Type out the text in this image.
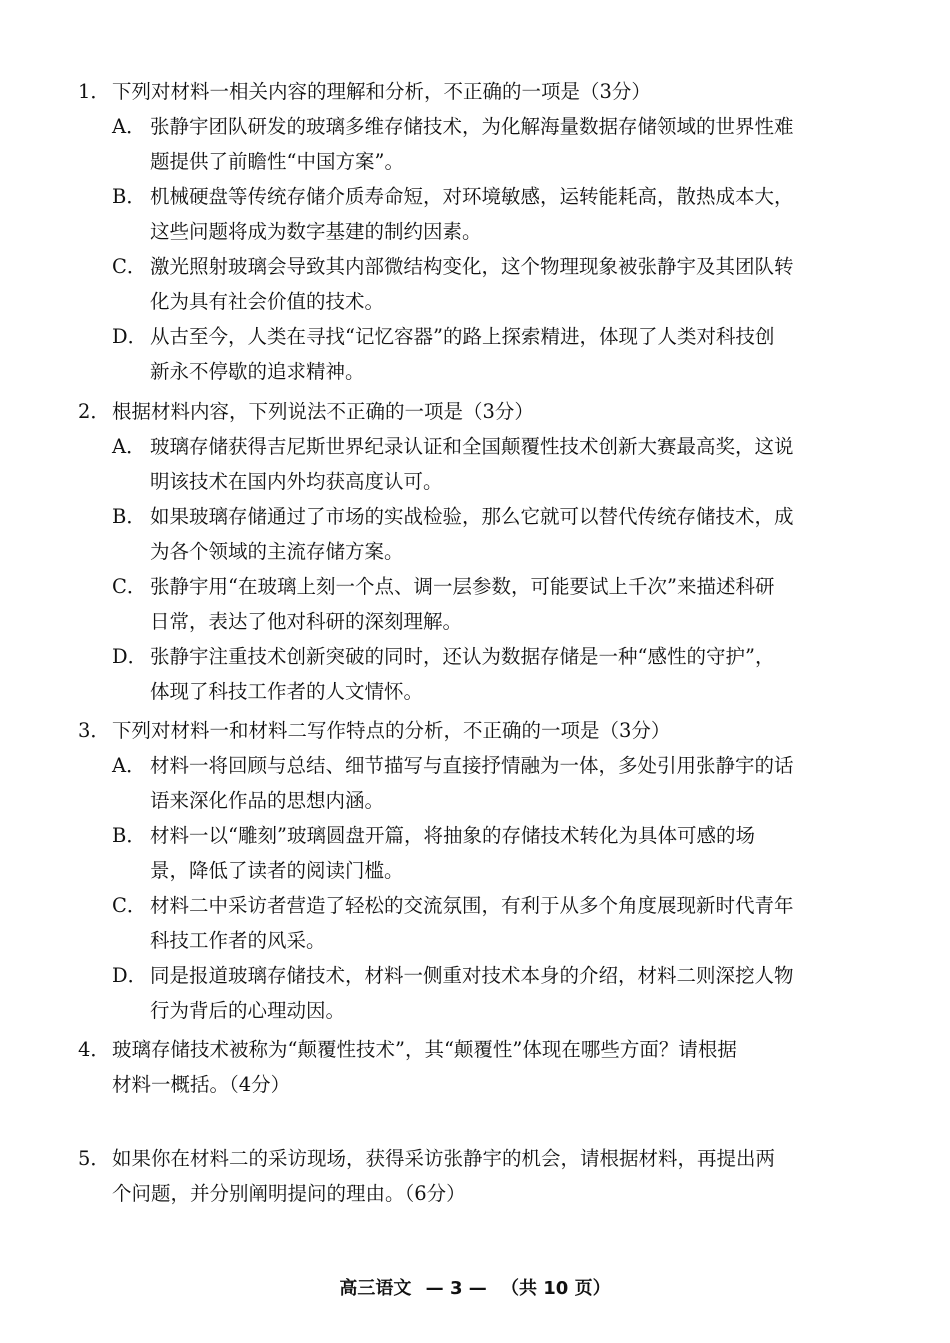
1． 下列对材料一相关内容的理解和分析，不正确的一项是（3分）
A． 张静宇团队研发的玻璃多维存储技术，为化解海量数据存储领域的世界性难
题提供了前瞻性“中国方案”。
B． 机械硬盘等传统存储介质寿命短，对环境敏感，运转能耗高，散热成本大，
这些问题将成为数字基建的制约因素。
C． 激光照射玻璃会导致其内部微结构变化，这个物理现象被张静宇及其团队转
化为具有社会价值的技术。
D． 从古至今，人类在寻找“记忆容器”的路上探索精进，体现了人类对科技创
新永不停歇的追求精神。
2． 根据材料内容，下列说法不正确的一项是（3分）
A． 玻璃存储获得吉尼斯世界纪录认证和全国颠覆性技术创新大赛最高奖，这说
明该技术在国内外均获高度认可。
B． 如果玻璃存储通过了市场的实战检验，那么它就可以替代传统存储技术，成
为各个领域的主流存储方案。
C． 张静宇用“在玻璃上刻一个点、调一层参数，可能要试上千次”来描述科研
日常，表达了他对科研的深刻理解。
D． 张静宇注重技术创新突破的同时，还认为数据存储是一种“感性的守护”，
体现了科技工作者的人文情怀。
3． 下列对材料一和材料二写作特点的分析，不正确的一项是（3分）
A． 材料一将回顾与总结、细节描写与直接抒情融为一体，多处引用张静宇的话
语来深化作品的思想内涵。
B． 材料一以“雕刻”玻璃圆盘开篇，将抽象的存储技术转化为具体可感的场
景，降低了读者的阅读门槛。
C． 材料二中采访者营造了轻松的交流氛围，有利于从多个角度展现新时代青年
科技工作者的风采。
D． 同是报道玻璃存储技术，材料一侧重对技术本身的介绍，材料二则深挖人物
行为背后的心理动因。
4． 玻璃存储技术被称为“颠覆性技术”，其“颠覆性”体现在哪些方面？请根据
材料一概括。（4分）
5． 如果你在材料二的采访现场，获得采访张静宇的机会，请根据材料，再提出两
个问题，并分别阐明提问的理由。（6分）
高三语文 — 3 — （共 10 页）
